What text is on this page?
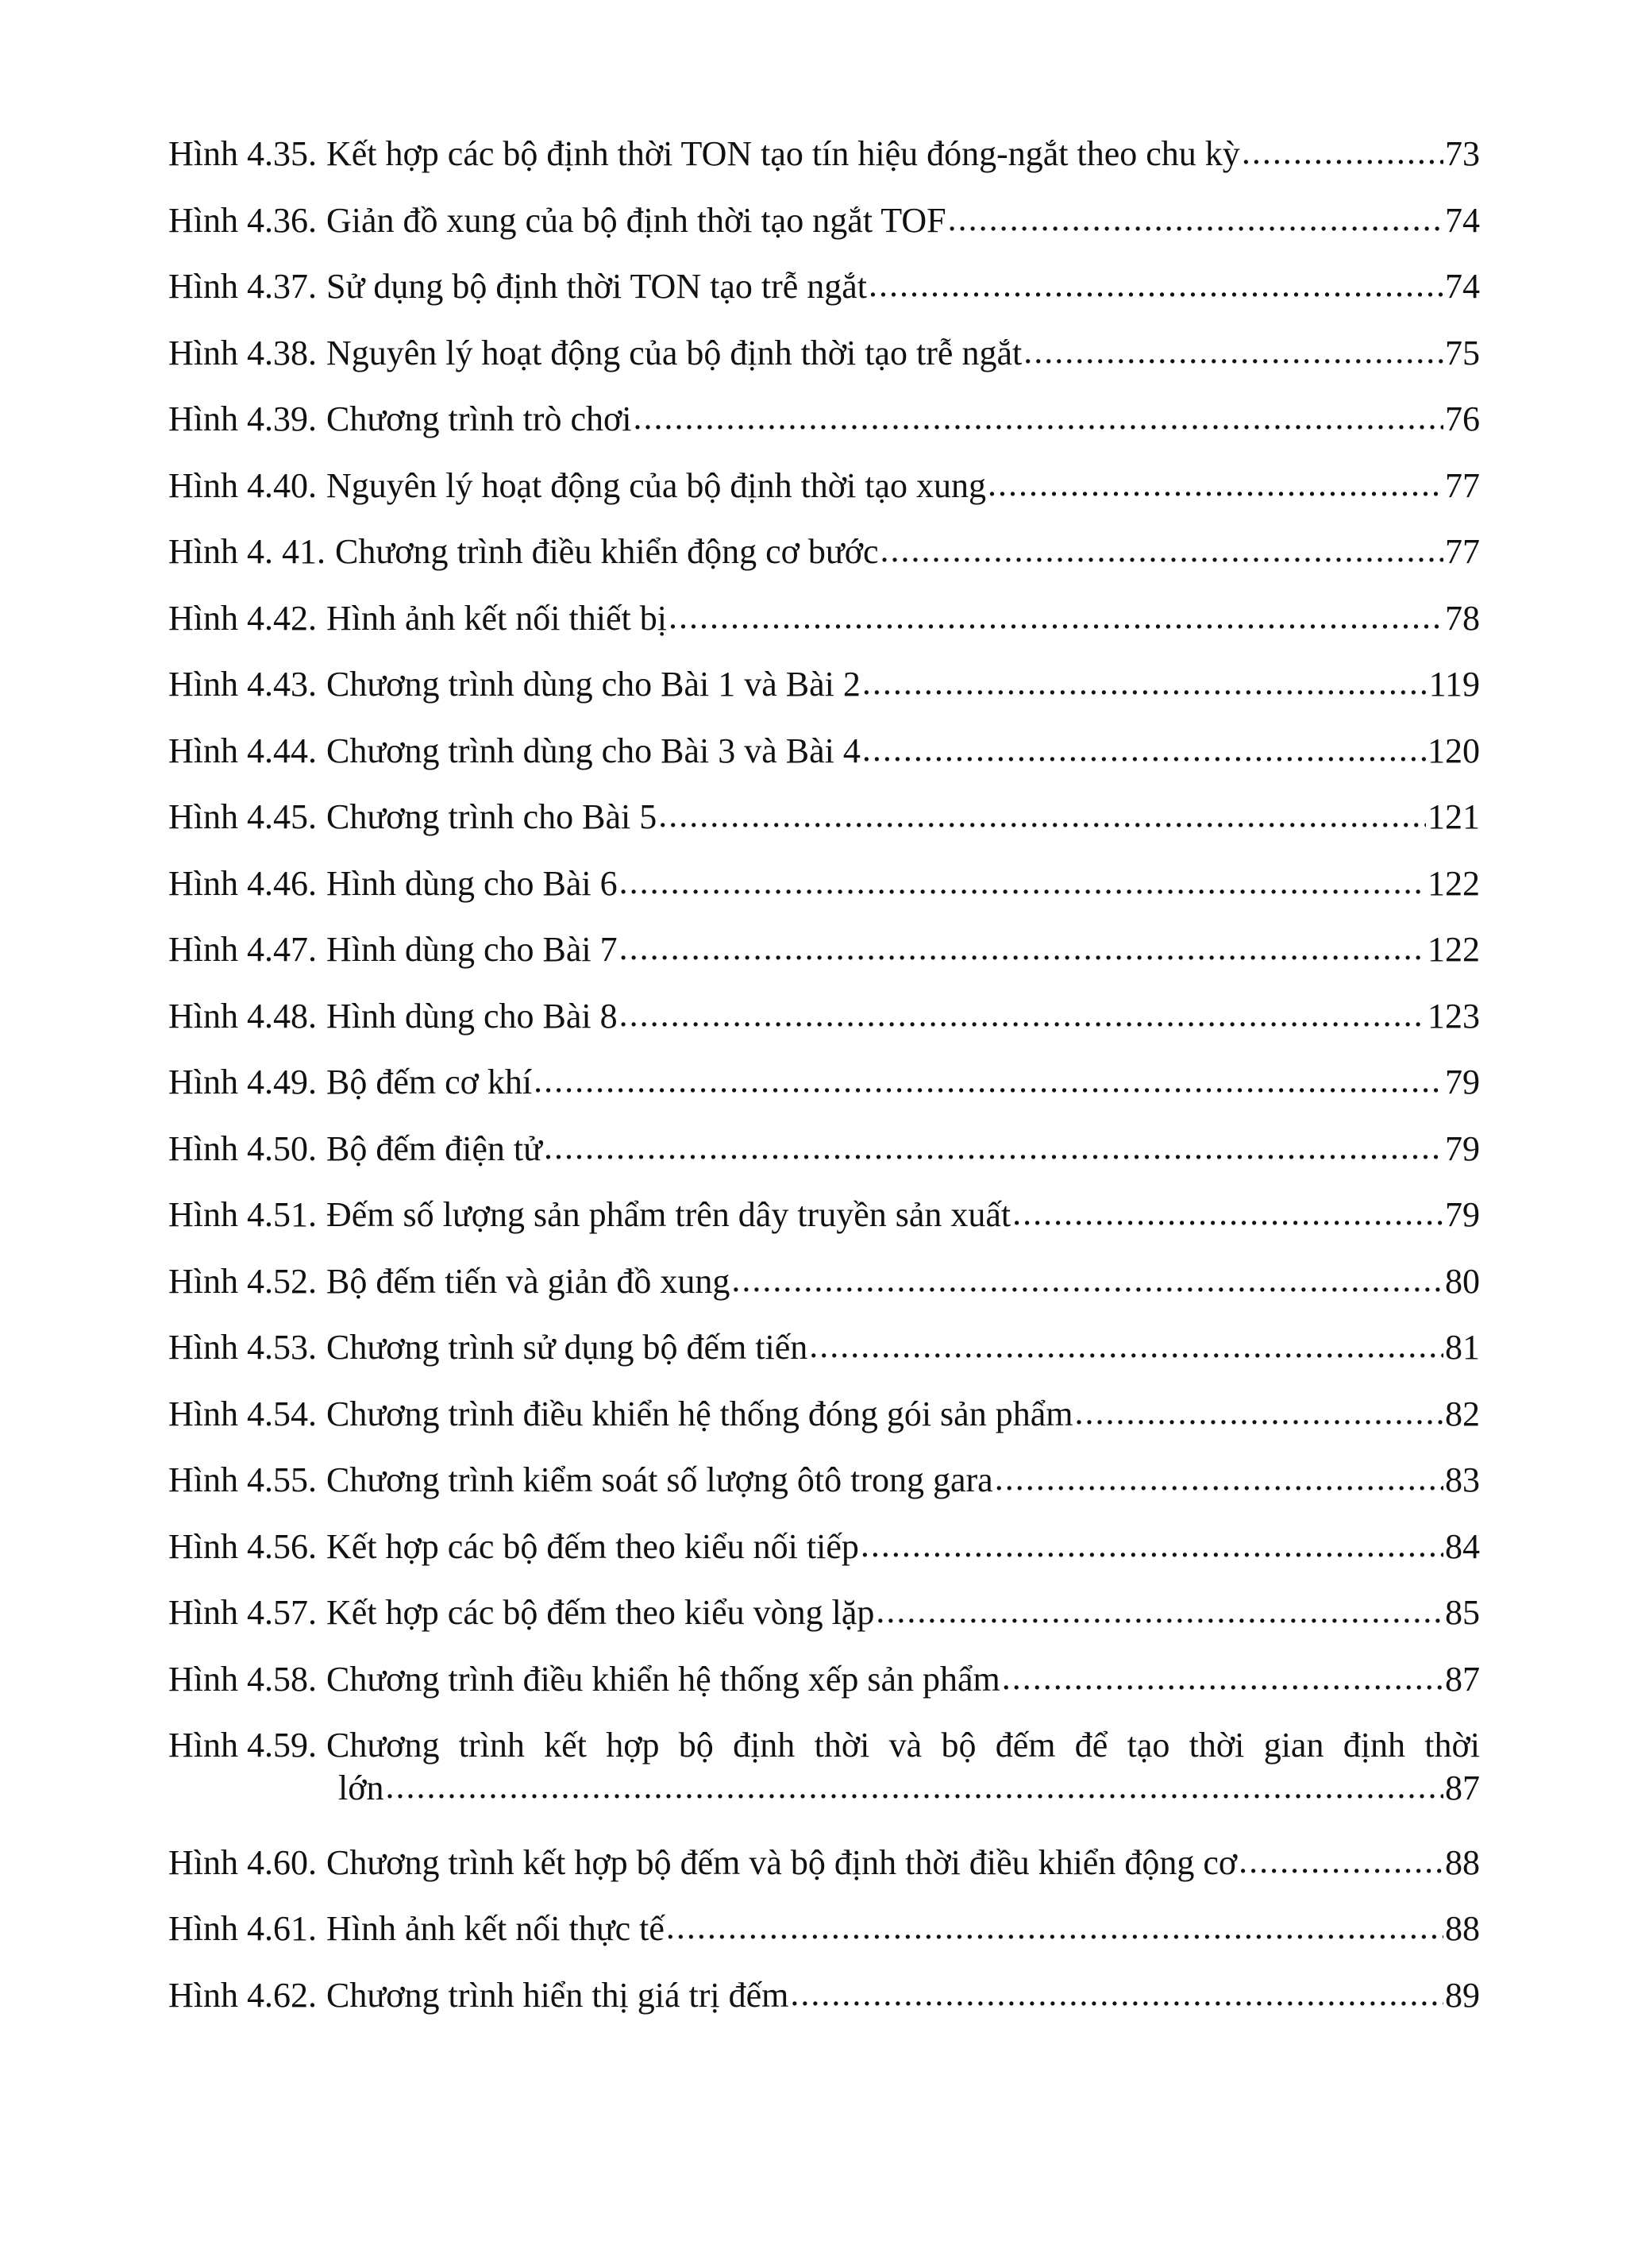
Hình 4.35. Kết hợp các bộ định thời TON tạo tín hiệu đóng-ngắt theo chu kỳ .....	73
Hình 4.36. Giản đồ xung của bộ định thời tạo ngắt TOF .....	74
Hình 4.37. Sử dụng bộ định thời TON tạo trễ ngắt .....	74
Hình 4.38. Nguyên lý hoạt động của bộ định thời tạo trễ ngắt .....	75
Hình 4.39. Chương trình trò chơi .....	76
Hình 4.40. Nguyên lý hoạt động của bộ định thời tạo xung .....	77
Hình 4. 41. Chương trình điều khiển động cơ bước .....	77
Hình 4.42. Hình ảnh kết nối thiết bị .....	78
Hình 4.43. Chương trình dùng cho Bài 1 và Bài 2 .....	119
Hình 4.44. Chương trình dùng cho Bài 3 và Bài 4 .....	120
Hình 4.45. Chương trình cho Bài 5 .....	121
Hình 4.46. Hình dùng cho Bài 6 .....	122
Hình 4.47. Hình dùng cho Bài 7 .....	122
Hình 4.48. Hình dùng cho Bài 8 .....	123
Hình 4.49. Bộ đếm cơ khí .....	79
Hình 4.50. Bộ đếm điện tử .....	79
Hình 4.51. Đếm số lượng sản phẩm trên dây truyền sản xuất .....	79
Hình 4.52. Bộ đếm tiến và giản đồ xung .....	80
Hình 4.53. Chương trình sử dụng bộ đếm tiến .....	81
Hình 4.54. Chương trình điều khiển hệ thống đóng gói sản phẩm .....	82
Hình 4.55. Chương trình kiểm soát số lượng ôtô trong gara .....	83
Hình 4.56. Kết hợp các bộ đếm theo kiểu nối tiếp .....	84
Hình 4.57. Kết hợp các bộ đếm theo kiểu vòng lặp .....	85
Hình 4.58. Chương trình điều khiển hệ thống xếp sản phẩm .....	87
Hình 4.59. Chương trình kết hợp bộ định thời và bộ đếm để tạo thời gian định thời
lớn .....	87
Hình 4.60. Chương trình kết hợp bộ đếm và bộ định thời điều khiển động cơ .....	88
Hình 4.61. Hình ảnh kết nối thực tế .....	88
Hình 4.62. Chương trình hiển thị giá trị đếm .....	89
